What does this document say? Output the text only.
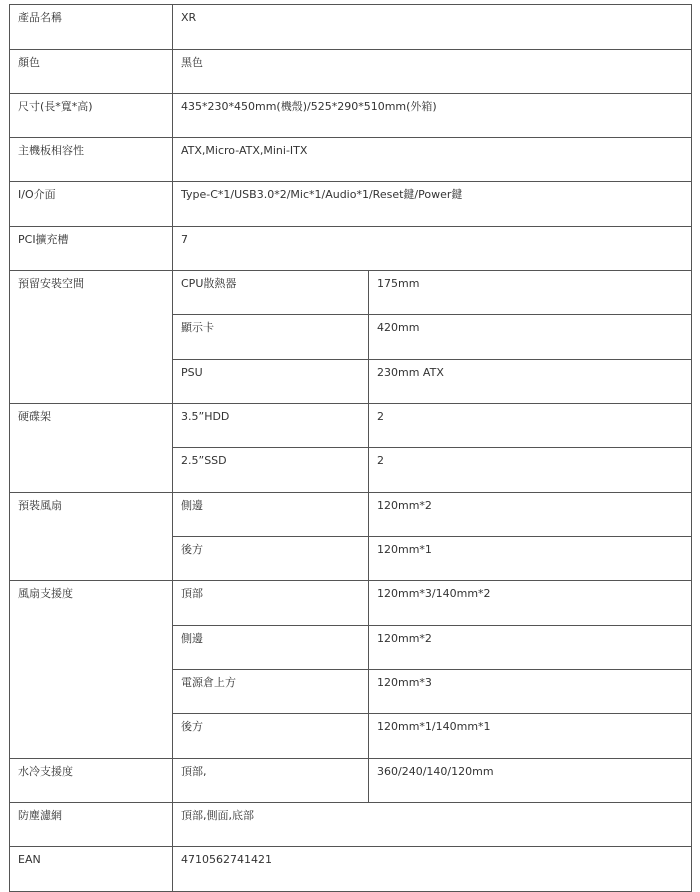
產品名稱	XR	
顏色	黑色	
尺寸(長*寬*高)	435*230*450mm(機殼)/525*290*510mm(外箱)	
主機板相容性	ATX,Micro-ATX,Mini-ITX	
I/O介面	Type-C*1/USB3.0*2/Mic*1/Audio*1/Reset鍵/Power鍵	
PCI擴充槽	7	
預留安裝空間	CPU散熱器	175mm
	顯示卡	420mm
	PSU	230mm ATX
硬碟架	3.5”HDD	2
	2.5”SSD	2
預裝風扇	側邊	120mm*2
	後方	120mm*1
風扇支援度	頂部	120mm*3/140mm*2
	側邊	120mm*2
	電源倉上方	120mm*3
	後方	120mm*1/140mm*1
水冷支援度	頂部,	360/240/140/120mm
防塵濾網	頂部,側面,底部	
EAN	4710562741421	
